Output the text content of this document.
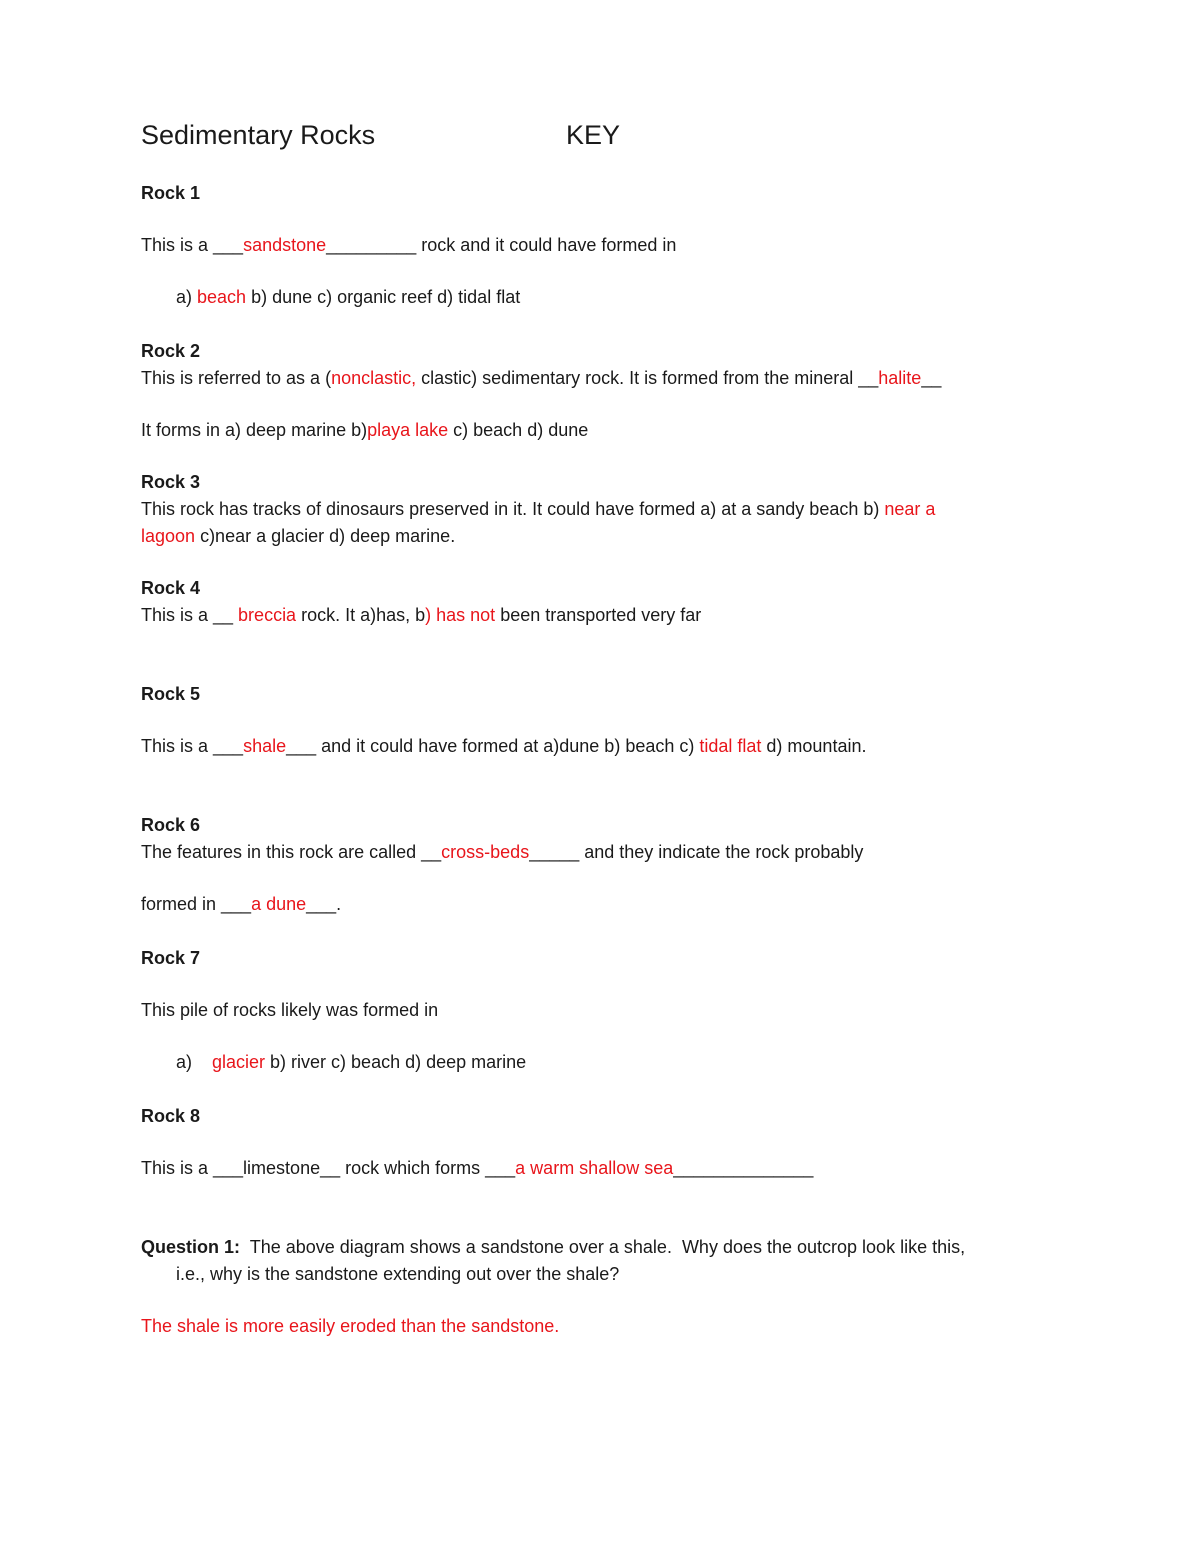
Sedimentary Rocks	KEY

Rock 1

This is a ___sandstone_________ rock and it could have formed in

a) beach b) dune c) organic reef d) tidal flat

Rock 2

This is referred to as a (nonclastic, clastic) sedimentary rock. It is formed from the mineral __halite__

It forms in a) deep marine b)playa lake c) beach d) dune

Rock 3

This rock has tracks of dinosaurs preserved in it. It could have formed a) at a sandy beach b) near a

lagoon c)near a glacier d) deep marine.

Rock 4

This is a __ breccia rock. It a)has, b) has not been transported very far

Rock 5

This is a ___shale___ and it could have formed at a)dune b) beach c) tidal flat d) mountain.

Rock 6

The features in this rock are called __cross-beds_____ and they indicate the rock probably

formed in ___a dune___.

Rock 7

This pile of rocks likely was formed in

a)    glacier b) river c) beach d) deep marine

Rock 8

This is a ___limestone__ rock which forms ___a warm shallow sea______________

Question 1:  The above diagram shows a sandstone over a shale.  Why does the outcrop look like this,

i.e., why is the sandstone extending out over the shale?

The shale is more easily eroded than the sandstone.
